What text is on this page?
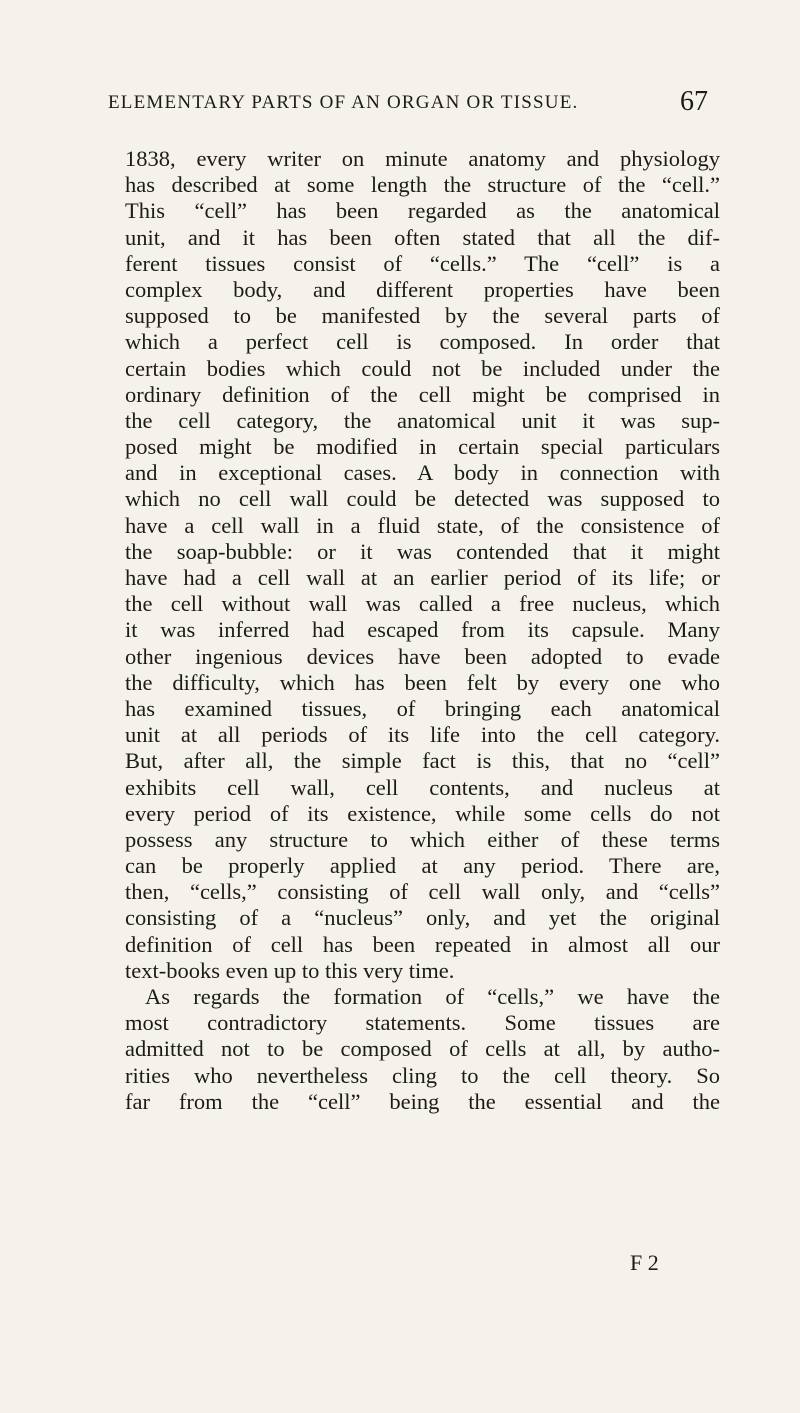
ELEMENTARY PARTS OF AN ORGAN OR TISSUE.	67
1838, every writer on minute anatomy and physiology
has described at some length the structure of the “cell.”
This “cell” has been regarded as the anatomical
unit, and it has been often stated that all the dif-
ferent tissues consist of “cells.” The “cell” is a
complex body, and different properties have been
supposed to be manifested by the several parts of
which a perfect cell is composed. In order that
certain bodies which could not be included under the
ordinary definition of the cell might be comprised in
the cell category, the anatomical unit it was sup-
posed might be modified in certain special particulars
and in exceptional cases. A body in connection with
which no cell wall could be detected was supposed to
have a cell wall in a fluid state, of the consistence of
the soap-bubble: or it was contended that it might
have had a cell wall at an earlier period of its life; or
the cell without wall was called a free nucleus, which
it was inferred had escaped from its capsule. Many
other ingenious devices have been adopted to evade
the difficulty, which has been felt by every one who
has examined tissues, of bringing each anatomical
unit at all periods of its life into the cell category.
But, after all, the simple fact is this, that no “cell”
exhibits cell wall, cell contents, and nucleus at
every period of its existence, while some cells do not
possess any structure to which either of these terms
can be properly applied at any period. There are,
then, “cells,” consisting of cell wall only, and “cells”
consisting of a “nucleus” only, and yet the original
definition of cell has been repeated in almost all our
text-books even up to this very time.
As regards the formation of “cells,” we have the
most contradictory statements. Some tissues are
admitted not to be composed of cells at all, by autho-
rities who nevertheless cling to the cell theory. So
far from the “cell” being the essential and the
F 2
